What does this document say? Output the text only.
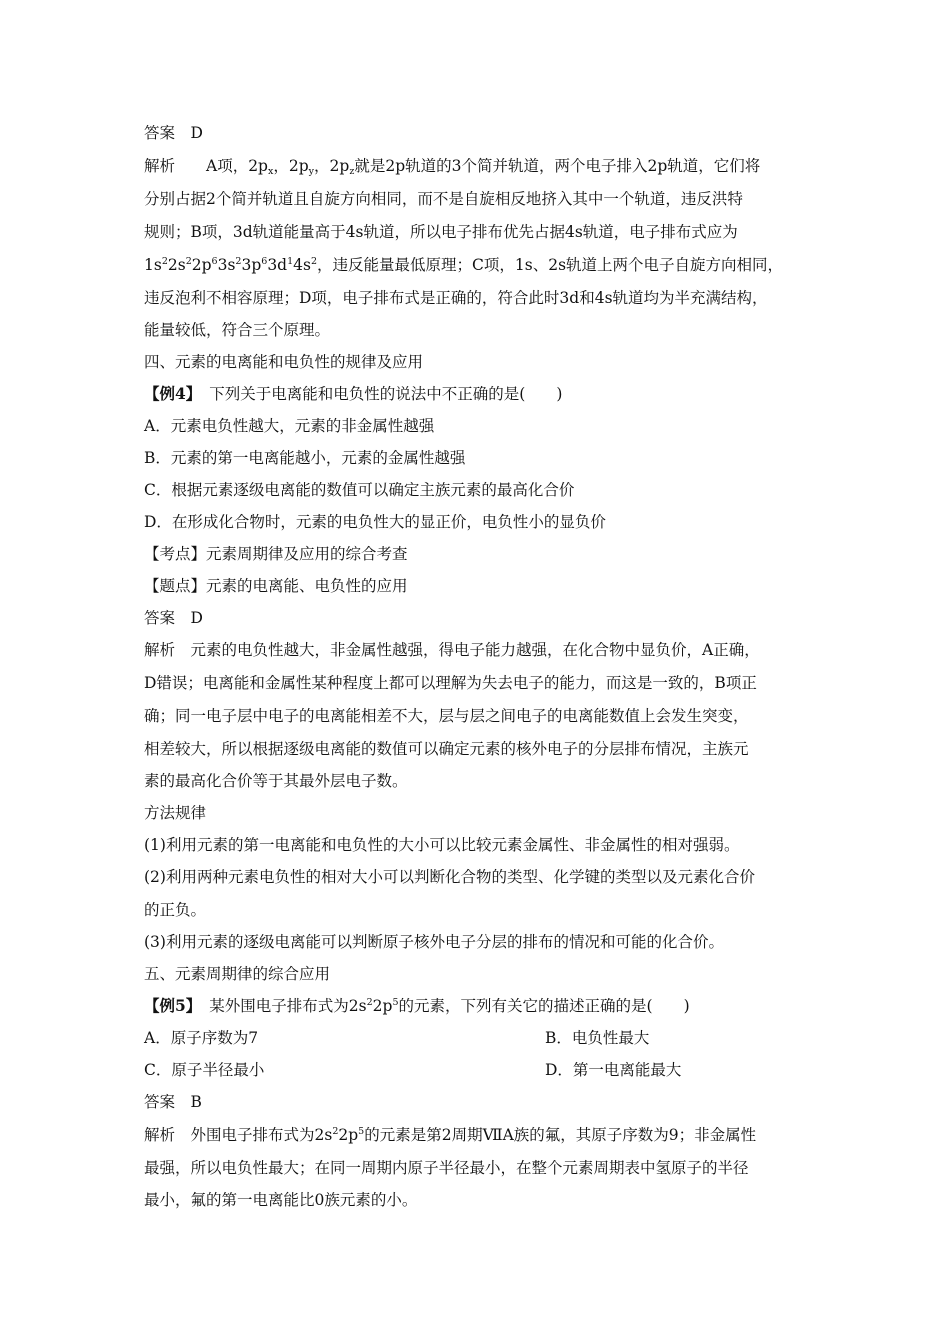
答案　D

解析　　A项，$2p_x$，$2p_y$，$2p_z$就是2p轨道的3个简并轨道，两个电子排入2p轨道，它们将

分别占据2个简并轨道且自旋方向相同，而不是自旋相反地挤入其中一个轨道，违反洪特

规则；B项，3d轨道能量高于4s轨道，所以电子排布优先占据4s轨道，电子排布式应为

$1s^22s^22p^63s^23p^63d^14s^2$，违反能量最低原理；C项，1s、2s轨道上两个电子自旋方向相同，

违反泡利不相容原理；D项，电子排布式是正确的，符合此时3d和4s轨道均为半充满结构，

能量较低，符合三个原理。

四、元素的电离能和电负性的规律及应用

【例4】 下列关于电离能和电负性的说法中不正确的是(　　)

A．元素电负性越大，元素的非金属性越强

B．元素的第一电离能越小，元素的金属性越强

C．根据元素逐级电离能的数值可以确定主族元素的最高化合价

D．在形成化合物时，元素的电负性大的显正价，电负性小的显负价

【考点】元素周期律及应用的综合考查

【题点】元素的电离能、电负性的应用

答案　D

解析　元素的电负性越大，非金属性越强，得电子能力越强，在化合物中显负价，A正确，

D错误；电离能和金属性某种程度上都可以理解为失去电子的能力，而这是一致的，B项正

确；同一电子层中电子的电离能相差不大，层与层之间电子的电离能数值上会发生突变，

相差较大，所以根据逐级电离能的数值可以确定元素的核外电子的分层排布情况，主族元

素的最高化合价等于其最外层电子数。

方法规律

(1)利用元素的第一电离能和电负性的大小可以比较元素金属性、非金属性的相对强弱。

(2)利用两种元素电负性的相对大小可以判断化合物的类型、化学键的类型以及元素化合价

的正负。

(3)利用元素的逐级电离能可以判断原子核外电子分层的排布的情况和可能的化合价。

五、元素周期律的综合应用

【例5】 某外围电子排布式为$2s^22p^5$的元素，下列有关它的描述正确的是(　　)

A．原子序数为7	B．电负性最大

C．原子半径最小	D．第一电离能最大

答案　B

解析　外围电子排布式为$2s^22p^5$的元素是第2周期ⅦA族的氟，其原子序数为9；非金属性

最强，所以电负性最大；在同一周期内原子半径最小，在整个元素周期表中氢原子的半径

最小，氟的第一电离能比0族元素的小。
